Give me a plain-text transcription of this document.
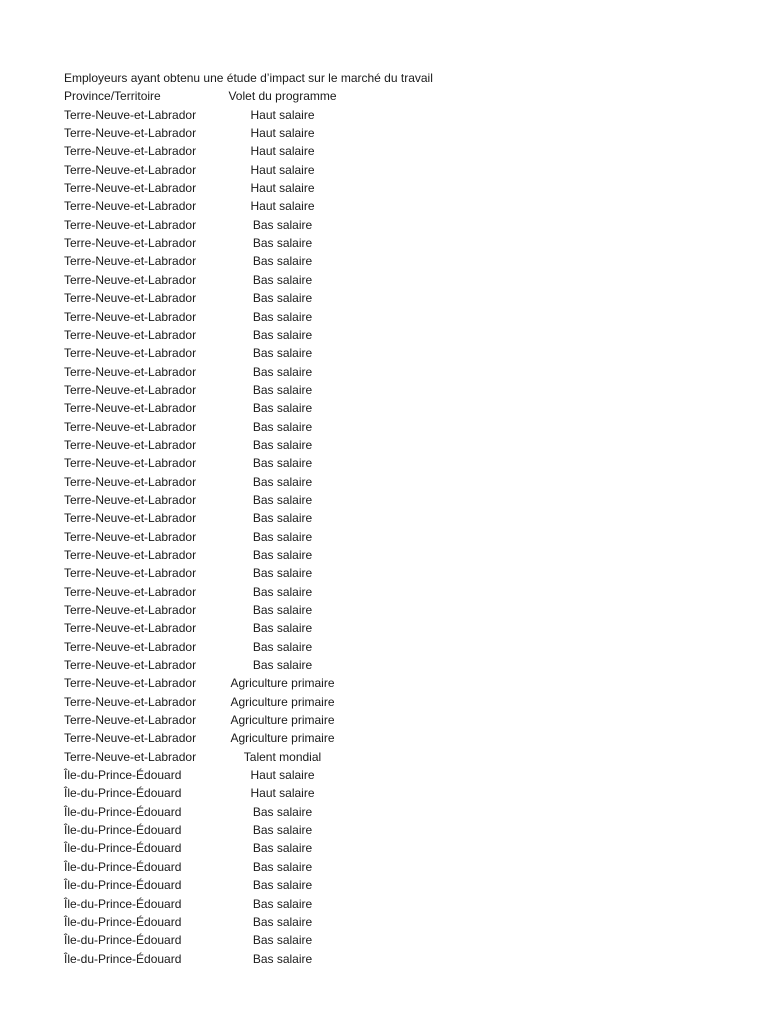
Employeurs ayant obtenu une étude d’impact sur le marché du travail
Province/Territoire	Volet du programme
Terre-Neuve-et-Labrador	Haut salaire
Terre-Neuve-et-Labrador	Haut salaire
Terre-Neuve-et-Labrador	Haut salaire
Terre-Neuve-et-Labrador	Haut salaire
Terre-Neuve-et-Labrador	Haut salaire
Terre-Neuve-et-Labrador	Haut salaire
Terre-Neuve-et-Labrador	Bas salaire
Terre-Neuve-et-Labrador	Bas salaire
Terre-Neuve-et-Labrador	Bas salaire
Terre-Neuve-et-Labrador	Bas salaire
Terre-Neuve-et-Labrador	Bas salaire
Terre-Neuve-et-Labrador	Bas salaire
Terre-Neuve-et-Labrador	Bas salaire
Terre-Neuve-et-Labrador	Bas salaire
Terre-Neuve-et-Labrador	Bas salaire
Terre-Neuve-et-Labrador	Bas salaire
Terre-Neuve-et-Labrador	Bas salaire
Terre-Neuve-et-Labrador	Bas salaire
Terre-Neuve-et-Labrador	Bas salaire
Terre-Neuve-et-Labrador	Bas salaire
Terre-Neuve-et-Labrador	Bas salaire
Terre-Neuve-et-Labrador	Bas salaire
Terre-Neuve-et-Labrador	Bas salaire
Terre-Neuve-et-Labrador	Bas salaire
Terre-Neuve-et-Labrador	Bas salaire
Terre-Neuve-et-Labrador	Bas salaire
Terre-Neuve-et-Labrador	Bas salaire
Terre-Neuve-et-Labrador	Bas salaire
Terre-Neuve-et-Labrador	Bas salaire
Terre-Neuve-et-Labrador	Bas salaire
Terre-Neuve-et-Labrador	Bas salaire
Terre-Neuve-et-Labrador	Agriculture primaire
Terre-Neuve-et-Labrador	Agriculture primaire
Terre-Neuve-et-Labrador	Agriculture primaire
Terre-Neuve-et-Labrador	Agriculture primaire
Terre-Neuve-et-Labrador	Talent mondial
Île-du-Prince-Édouard	Haut salaire
Île-du-Prince-Édouard	Haut salaire
Île-du-Prince-Édouard	Bas salaire
Île-du-Prince-Édouard	Bas salaire
Île-du-Prince-Édouard	Bas salaire
Île-du-Prince-Édouard	Bas salaire
Île-du-Prince-Édouard	Bas salaire
Île-du-Prince-Édouard	Bas salaire
Île-du-Prince-Édouard	Bas salaire
Île-du-Prince-Édouard	Bas salaire
Île-du-Prince-Édouard	Bas salaire
